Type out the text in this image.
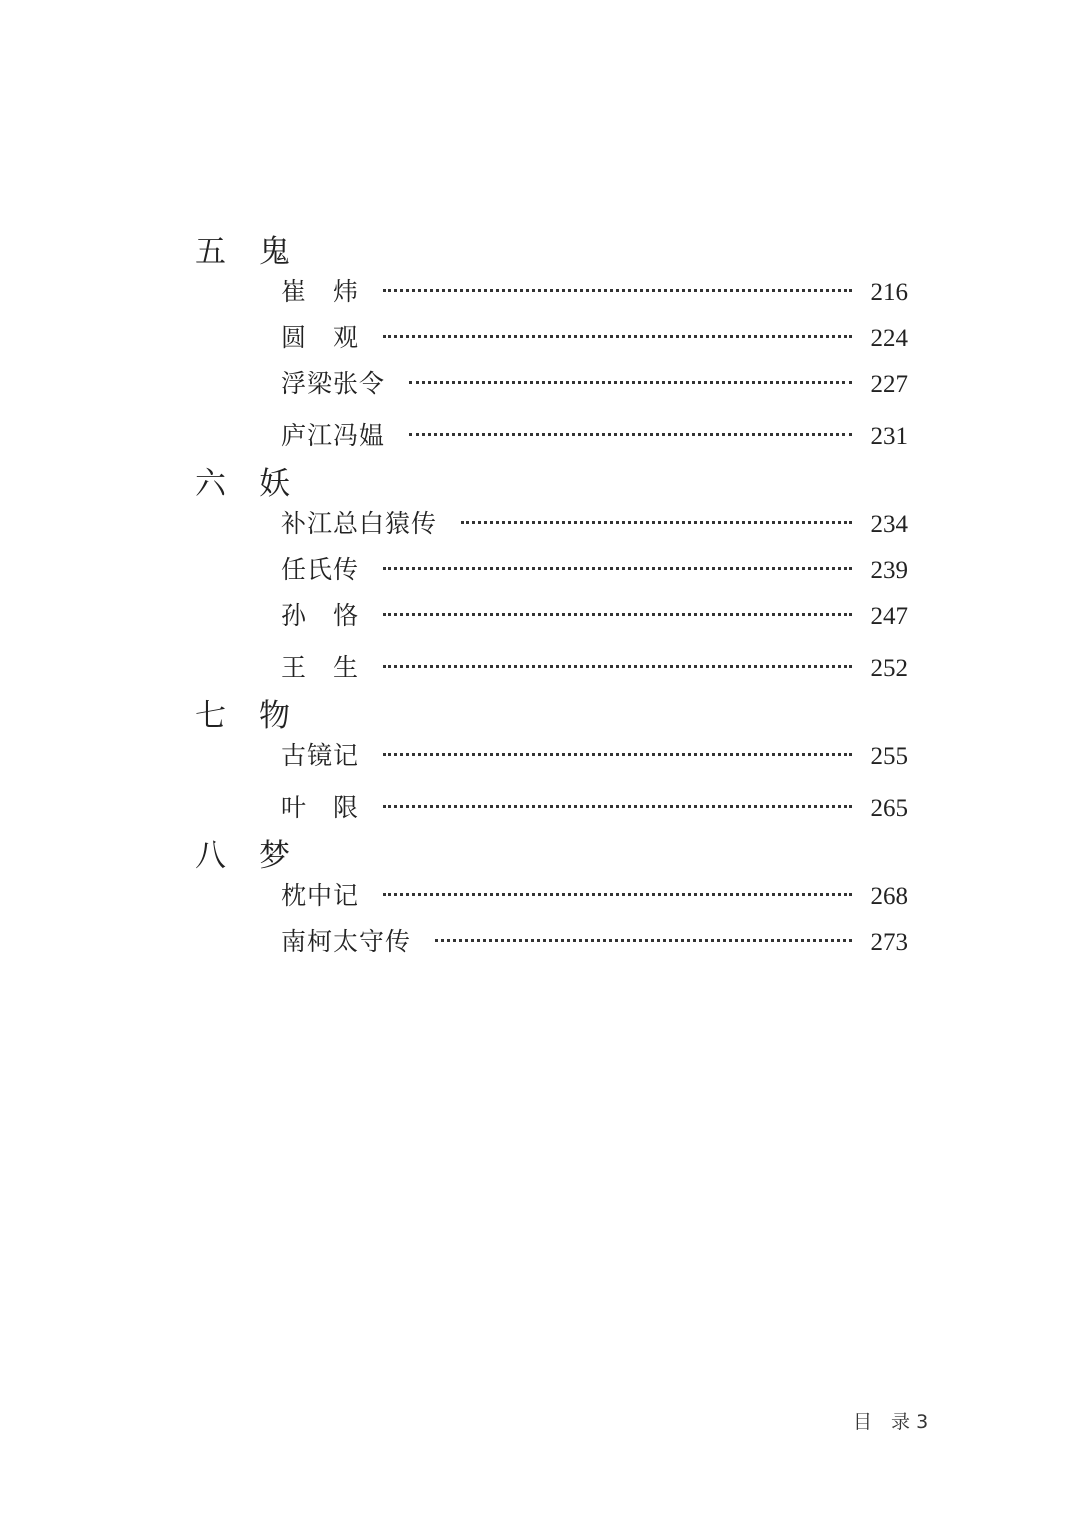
五 鬼
崔　炜	216
圆　观	224
浮梁张令	227
庐江冯媪	231
六 妖
补江总白猿传	234
任氏传	239
孙　恪	247
王　生	252
七 物
古镜记	255
叶　限	265
八 梦
枕中记	268
南柯太守传	273
目　录 3
